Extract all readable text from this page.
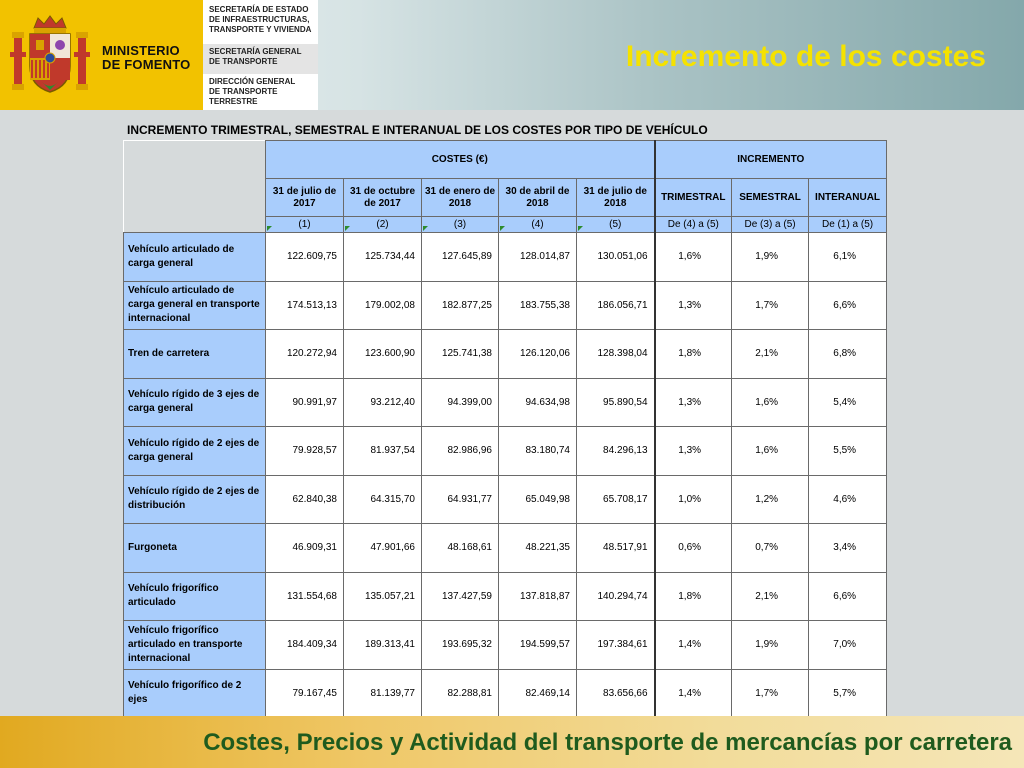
MINISTERIO
DE FOMENTO
SECRETARÍA DE ESTADO
DE INFRAESTRUCTURAS,
TRANSPORTE Y VIVIENDA
SECRETARÍA GENERAL
DE TRANSPORTE
DIRECCIÓN GENERAL
DE TRANSPORTE
TERRESTRE
Incremento de los costes
INCREMENTO TRIMESTRAL, SEMESTRAL E INTERANUAL DE LOS COSTES POR TIPO DE VEHÍCULO
	COSTES (€)					INCREMENTO		
	31 de julio de 2017	31 de octubre de 2017	31 de enero de 2018	30 de abril de 2018	31 de julio de 2018	TRIMESTRAL	SEMESTRAL	INTERANUAL

(1)	(2)	(3)	(4)	(5)	De (4) a (5)	De (3) a (5)	De (1) a (5)
Vehículo articulado de carga general	122.609,75	125.734,44	127.645,89	128.014,87	130.051,06	1,6%	1,9%	6,1%
Vehículo articulado de carga general en transporte internacional	174.513,13	179.002,08	182.877,25	183.755,38	186.056,71	1,3%	1,7%	6,6%
Tren de carretera	120.272,94	123.600,90	125.741,38	126.120,06	128.398,04	1,8%	2,1%	6,8%
Vehículo rígido de 3 ejes de carga general	90.991,97	93.212,40	94.399,00	94.634,98	95.890,54	1,3%	1,6%	5,4%
Vehículo rígido de 2 ejes de carga general	79.928,57	81.937,54	82.986,96	83.180,74	84.296,13	1,3%	1,6%	5,5%
Vehículo rígido de 2 ejes de distribución	62.840,38	64.315,70	64.931,77	65.049,98	65.708,17	1,0%	1,2%	4,6%
Furgoneta	46.909,31	47.901,66	48.168,61	48.221,35	48.517,91	0,6%	0,7%	3,4%
Vehículo frigorífico articulado	131.554,68	135.057,21	137.427,59	137.818,87	140.294,74	1,8%	2,1%	6,6%
Vehículo frigorífico articulado en transporte internacional	184.409,34	189.313,41	193.695,32	194.599,57	197.384,61	1,4%	1,9%	7,0%
Vehículo frigorífico de 2 ejes	79.167,45	81.139,77	82.288,81	82.469,14	83.656,66	1,4%	1,7%	5,7%
Costes, Precios y Actividad del transporte de mercancías por carretera
